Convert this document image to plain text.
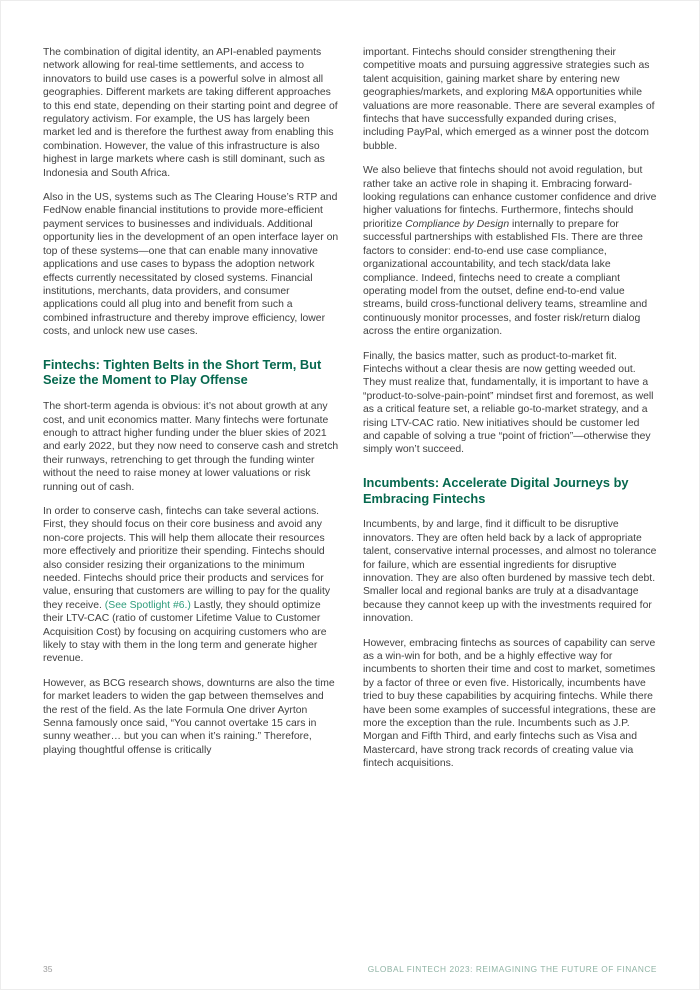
The combination of digital identity, an API-enabled payments network allowing for real-time settlements, and access to innovators to build use cases is a powerful solve in almost all geographies. Different markets are taking different approaches to this end state, depending on their starting point and degree of regulatory activism. For example, the US has largely been market led and is therefore the furthest away from enabling this combination. However, the value of this infrastructure is also highest in large markets where cash is still dominant, such as Indonesia and South Africa.

Also in the US, systems such as The Clearing House’s RTP and FedNow enable financial institutions to provide more-efficient payment services to businesses and individuals. Additional opportunity lies in the development of an open interface layer on top of these systems—one that can enable many innovative applications and use cases to bypass the adoption network effects currently necessitated by closed systems. Financial institutions, merchants, data providers, and consumer applications could all plug into and benefit from such a combined infrastructure and thereby improve efficiency, lower costs, and unlock new use cases.

Fintechs: Tighten Belts in the Short Term, But Seize the Moment to Play Offense

The short-term agenda is obvious: it’s not about growth at any cost, and unit economics matter. Many fintechs were fortunate enough to attract higher funding under the bluer skies of 2021 and early 2022, but they now need to conserve cash and stretch their runways, retrenching to get through the funding winter without the need to raise money at lower valuations or risk running out of cash.

In order to conserve cash, fintechs can take several actions. First, they should focus on their core business and avoid any non-core projects. This will help them allocate their resources more effectively and prioritize their spending. Fintechs should also consider resizing their organizations to the minimum needed. Fintechs should price their products and services for value, ensuring that customers are willing to pay for the quality they receive. (See Spotlight #6.) Lastly, they should optimize their LTV-CAC (ratio of customer Lifetime Value to Customer Acquisition Cost) by focusing on acquiring customers who are likely to stay with them in the long term and generate higher revenue.

However, as BCG research shows, downturns are also the time for market leaders to widen the gap between themselves and the rest of the field. As the late Formula One driver Ayrton Senna famously once said, “You cannot overtake 15 cars in sunny weather… but you can when it’s raining.” Therefore, playing thoughtful offense is critically

important. Fintechs should consider strengthening their competitive moats and pursuing aggressive strategies such as talent acquisition, gaining market share by entering new geographies/markets, and exploring M&A opportunities while valuations are more reasonable. There are several examples of fintechs that have successfully expanded during crises, including PayPal, which emerged as a winner post the dotcom bubble.

We also believe that fintechs should not avoid regulation, but rather take an active role in shaping it. Embracing forward-looking regulations can enhance customer confidence and drive higher valuations for fintechs. Furthermore, fintechs should prioritize Compliance by Design internally to prepare for successful partnerships with established FIs. There are three factors to consider: end-to-end use case compliance, organizational accountability, and tech stack/data lake compliance. Indeed, fintechs need to create a compliant operating model from the outset, define end-to-end value streams, build cross-functional delivery teams, streamline and continuously monitor processes, and foster risk/return dialog across the entire organization.

Finally, the basics matter, such as product-to-market fit. Fintechs without a clear thesis are now getting weeded out. They must realize that, fundamentally, it is important to have a “product-to-solve-pain-point” mindset first and foremost, as well as a critical feature set, a reliable go-to-market strategy, and a rising LTV-CAC ratio. New initiatives should be customer led and capable of solving a true “point of friction”—otherwise they simply won’t succeed.

Incumbents: Accelerate Digital Journeys by Embracing Fintechs

Incumbents, by and large, find it difficult to be disruptive innovators. They are often held back by a lack of appropriate talent, conservative internal processes, and almost no tolerance for failure, which are essential ingredients for disruptive innovation. They are also often burdened by massive tech debt. Smaller local and regional banks are truly at a disadvantage because they cannot keep up with the investments required for innovation.

However, embracing fintechs as sources of capability can serve as a win-win for both, and be a highly effective way for incumbents to shorten their time and cost to market, sometimes by a factor of three or even five. Historically, incumbents have tried to buy these capabilities by acquiring fintechs. While there have been some examples of successful integrations, these are more the exception than the rule. Incumbents such as J.P. Morgan and Fifth Third, and early fintechs such as Visa and Mastercard, have strong track records of creating value via fintech acquisitions.

35	GLOBAL FINTECH 2023: REIMAGINING THE FUTURE OF FINANCE
